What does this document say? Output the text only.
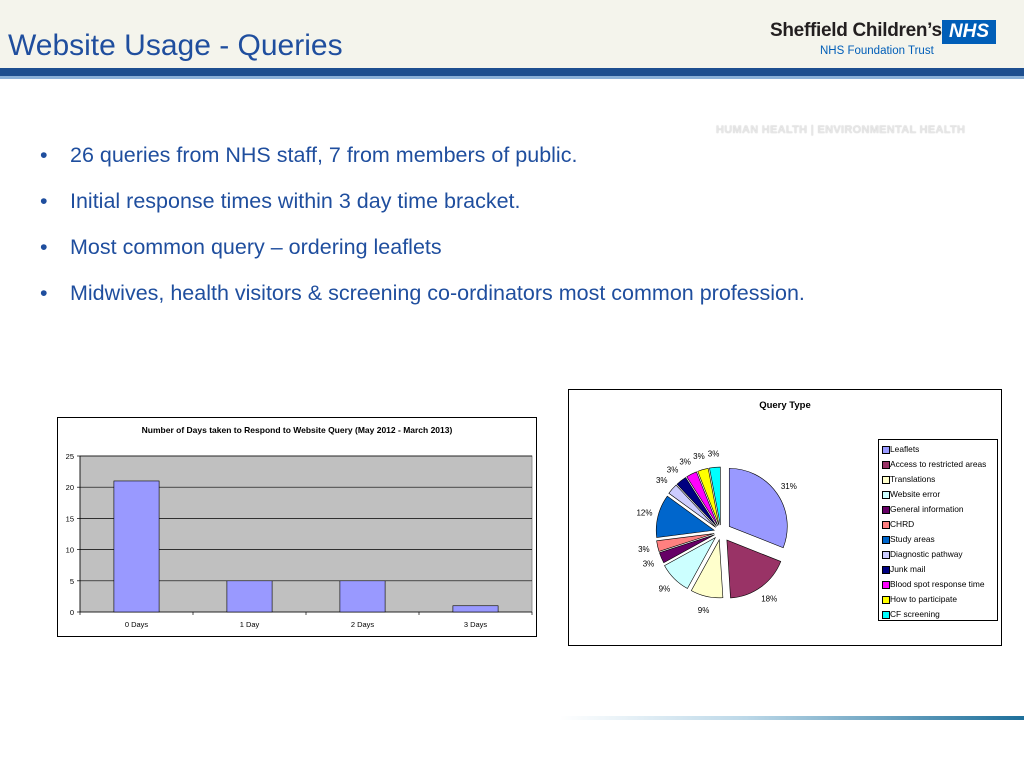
Website Usage - Queries	Sheffield Children’s NHS
NHS Foundation Trust
HUMAN HEALTH | ENVIRONMENTAL HEALTH
• 26 queries from NHS staff, 7 from members of public.
• Initial response times within 3 day time bracket.
• Most common query – ordering leaflets
• Midwives, health visitors & screening co-ordinators most common profession.
Number of Days taken to Respond to Website Query (May 2012 - March 2013)
0
5
10
15
20
25
0 Days	1 Day	2 Days	3 Days
Query Type
31%
18%
9%
9%
3%
3%
12%
3%
3%
3%
3% 3%	Leaflets
Access to restricted areas
Translations
Website error
General information
CHRD
Study areas
Diagnostic pathway
Junk mail
Blood spot response time
How to participate
CF screening
